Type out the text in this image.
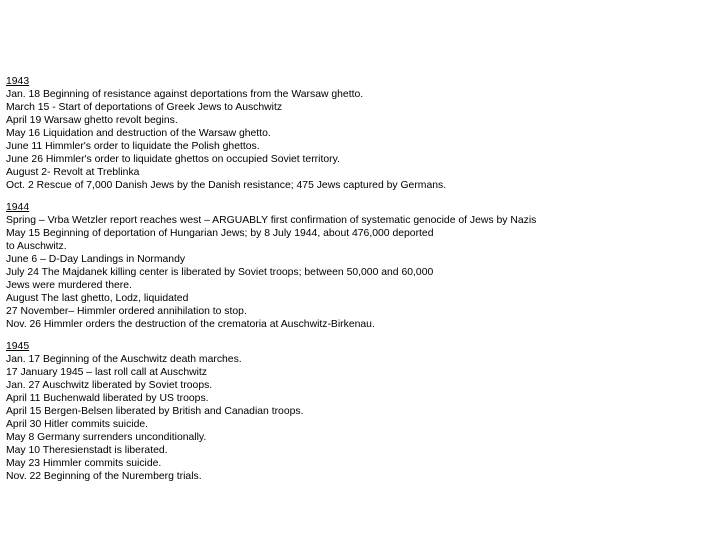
1943
Jan. 18 Beginning of resistance against deportations from the Warsaw ghetto.
March 15 - Start of deportations of Greek Jews to Auschwitz
April 19 Warsaw ghetto revolt begins.
May 16 Liquidation and destruction of the Warsaw ghetto.
June 11 Himmler's order to liquidate the Polish ghettos.
June 26 Himmler's order to liquidate ghettos on occupied Soviet territory.
August 2- Revolt at Treblinka
Oct. 2 Rescue of 7,000 Danish Jews by the Danish resistance; 475 Jews captured by Germans.
1944
Spring – Vrba Wetzler report reaches west – ARGUABLY first confirmation of systematic genocide of Jews by Nazis
May 15 Beginning of deportation of Hungarian Jews; by 8 July 1944, about 476,000 deported
to Auschwitz.
June 6 – D-Day Landings in Normandy
July 24 The Majdanek killing center is liberated by Soviet troops; between 50,000 and 60,000
Jews were murdered there.
August The last ghetto, Lodz, liquidated
27 November– Himmler ordered annihilation to stop.
Nov. 26 Himmler orders the destruction of the crematoria at Auschwitz-Birkenau.
1945
Jan. 17 Beginning of the Auschwitz death marches.
17 January 1945 – last roll call at Auschwitz
Jan. 27 Auschwitz liberated by Soviet troops.
April 11 Buchenwald liberated by US troops.
April 15 Bergen-Belsen liberated by British and Canadian troops.
April 30 Hitler commits suicide.
May 8 Germany surrenders unconditionally.
May 10 Theresienstadt is liberated.
May 23 Himmler commits suicide.
Nov. 22 Beginning of the Nuremberg trials.
